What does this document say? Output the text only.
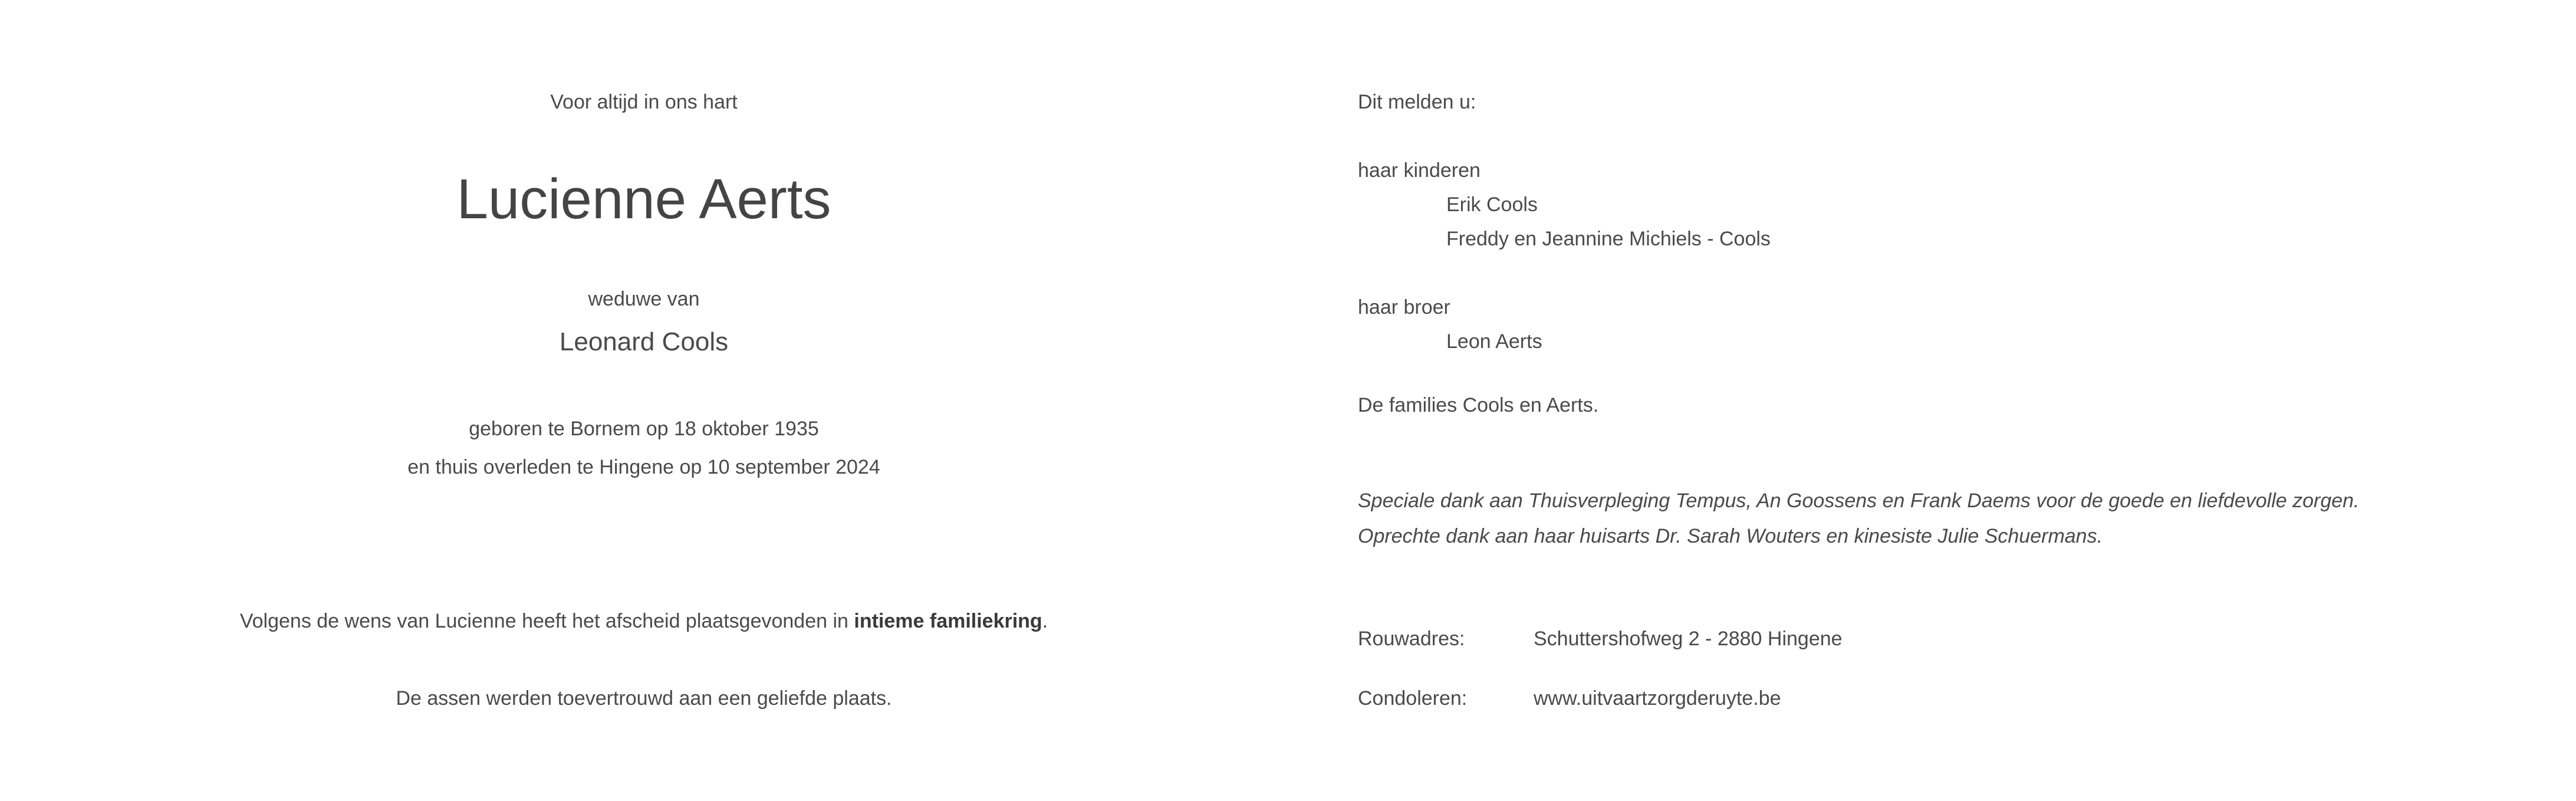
Voor altijd in ons hart
Lucienne Aerts
weduwe van
Leonard Cools
geboren te Bornem op 18 oktober 1935
en thuis overleden te Hingene op 10 september 2024
Volgens de wens van Lucienne heeft het afscheid plaatsgevonden in intieme familiekring.
De assen werden toevertrouwd aan een geliefde plaats.
Dit melden u:
haar kinderen
Erik Cools
Freddy en Jeannine Michiels - Cools
haar broer
Leon Aerts
De families Cools en Aerts.
Speciale dank aan Thuisverpleging Tempus, An Goossens en Frank Daems voor de goede en liefdevolle zorgen.
Oprechte dank aan haar huisarts Dr. Sarah Wouters en kinesiste Julie Schuermans.
Rouwadres:	Schuttershofweg 2 - 2880 Hingene
Condoleren:	www.uitvaartzorgderuyte.be
